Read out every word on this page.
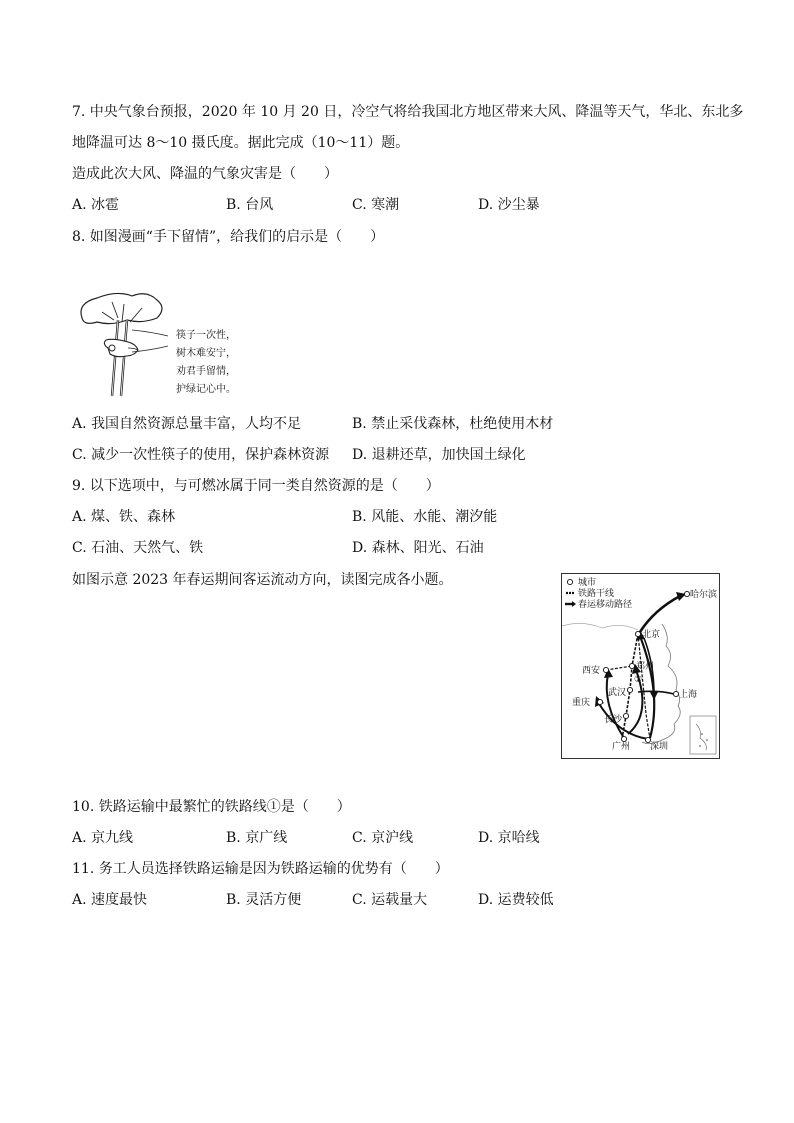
7. 中央气象台预报，2020 年 10 月 20 日，冷空气将给我国北方地区带来大风、降温等天气，华北、东北多
地降温可达 8～10 摄氏度。据此完成（10～11）题。
造成此次大风、降温的气象灾害是（　　）
A. 冰雹	B. 台风	C. 寒潮	D. 沙尘暴
8. 如图漫画“手下留情”，给我们的启示是（　　）
筷子一次性，
树木难安宁，
劝君手留情，
护绿记心中。
A. 我国自然资源总量丰富，人均不足	B. 禁止采伐森林，杜绝使用木材
C. 减少一次性筷子的使用，保护森林资源 D. 退耕还草，加快国土绿化
9. 以下选项中，与可燃冰属于同一类自然资源的是（　　）
A. 煤、铁、森林	B. 风能、水能、潮汐能
C. 石油、天然气、铁	D. 森林、阳光、石油
如图示意 2023 年春运期间客运流动方向，读图完成各小题。	城市
铁路干线
春运移动路径
哈尔滨
北京
西安	郑州
重庆
武汉	上海
长沙
广州 深圳
①
10. 铁路运输中最繁忙的铁路线①是（　　）
A. 京九线	B. 京广线	C. 京沪线	D. 京哈线
11. 务工人员选择铁路运输是因为铁路运输的优势有（　　）
A. 速度最快	B. 灵活方便	C. 运载量大	D. 运费较低
